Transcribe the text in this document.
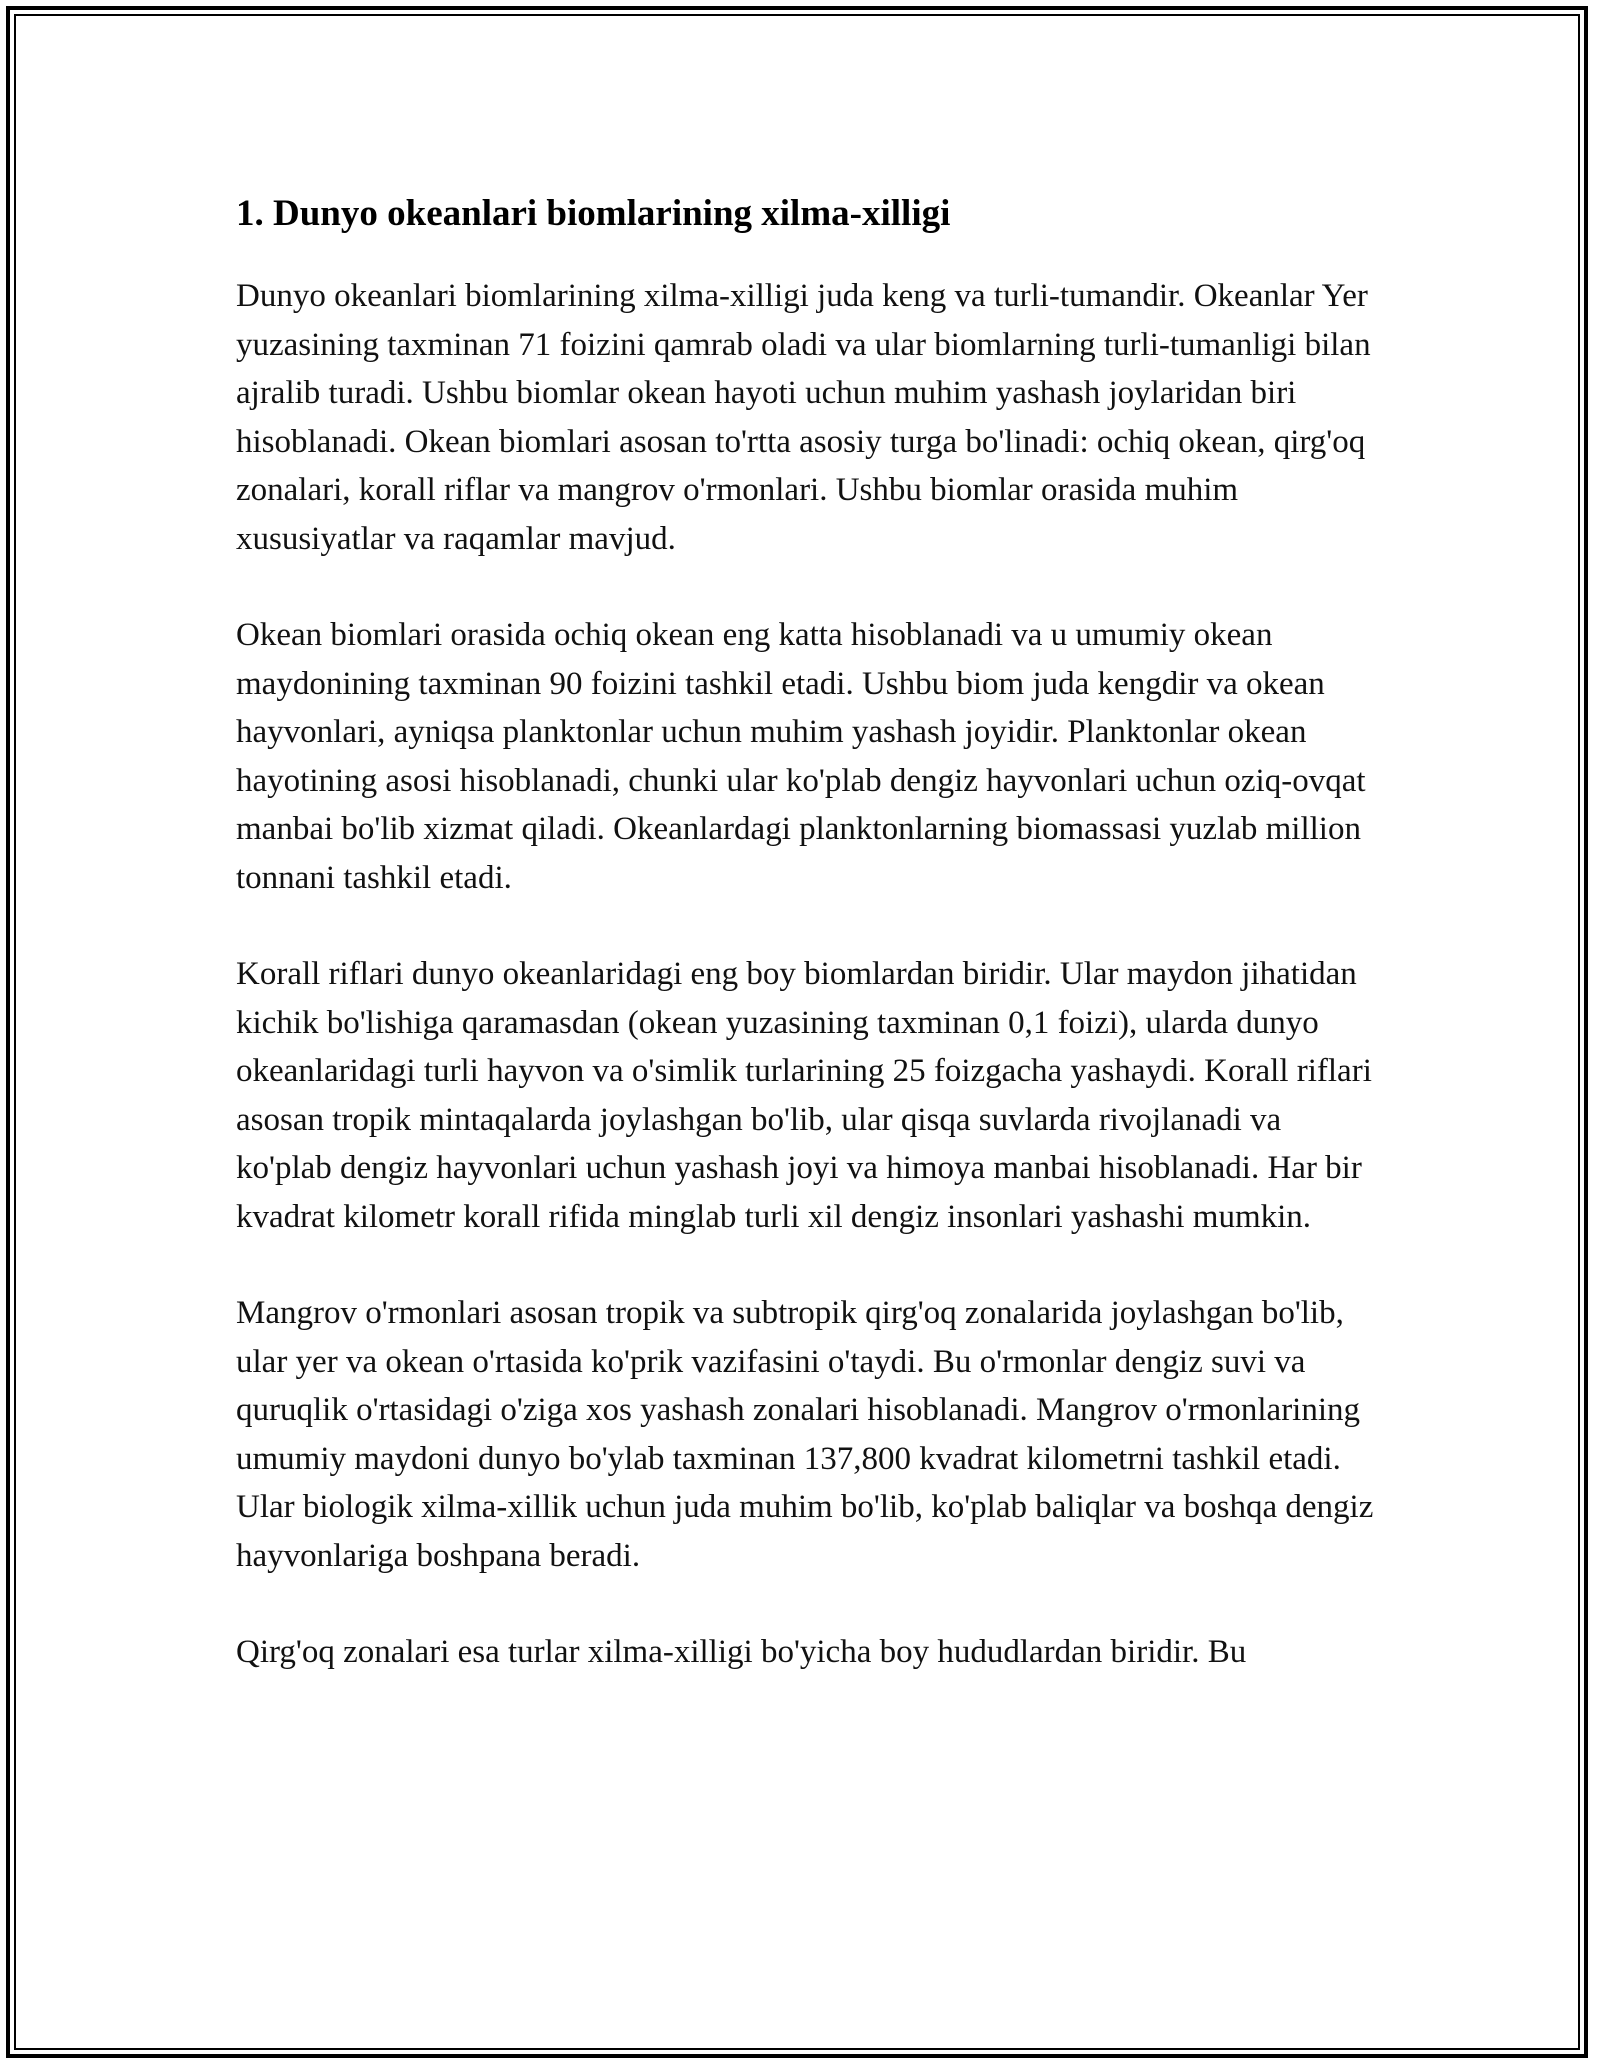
1. Dunyo okeanlari biomlarining xilma-xilligi

Dunyo okeanlari biomlarining xilma-xilligi juda keng va turli-tumandir. Okeanlar Yer yuzasining taxminan 71 foizini qamrab oladi va ular biomlarning turli-tumanligi bilan ajralib turadi. Ushbu biomlar okean hayoti uchun muhim yashash joylaridan biri hisoblanadi. Okean biomlari asosan to'rtta asosiy turga bo'linadi: ochiq okean, qirg'oq zonalari, korall riflar va mangrov o'rmonlari. Ushbu biomlar orasida muhim xususiyatlar va raqamlar mavjud.

Okean biomlari orasida ochiq okean eng katta hisoblanadi va u umumiy okean maydonining taxminan 90 foizini tashkil etadi. Ushbu biom juda kengdir va okean hayvonlari, ayniqsa planktonlar uchun muhim yashash joyidir. Planktonlar okean hayotining asosi hisoblanadi, chunki ular ko'plab dengiz hayvonlari uchun oziq-ovqat manbai bo'lib xizmat qiladi. Okeanlardagi planktonlarning biomassasi yuzlab million tonnani tashkil etadi.

Korall riflari dunyo okeanlaridagi eng boy biomlardan biridir. Ular maydon jihatidan kichik bo'lishiga qaramasdan (okean yuzasining taxminan 0,1 foizi), ularda dunyo okeanlaridagi turli hayvon va o'simlik turlarining 25 foizgacha yashaydi. Korall riflari asosan tropik mintaqalarda joylashgan bo'lib, ular qisqa suvlarda rivojlanadi va ko'plab dengiz hayvonlari uchun yashash joyi va himoya manbai hisoblanadi. Har bir kvadrat kilometr korall rifida minglab turli xil dengiz insonlari yashashi mumkin.

Mangrov o'rmonlari asosan tropik va subtropik qirg'oq zonalarida joylashgan bo'lib, ular yer va okean o'rtasida ko'prik vazifasini o'taydi. Bu o'rmonlar dengiz suvi va quruqlik o'rtasidagi o'ziga xos yashash zonalari hisoblanadi. Mangrov o'rmonlarining umumiy maydoni dunyo bo'ylab taxminan 137,800 kvadrat kilometrni tashkil etadi. Ular biologik xilma-xillik uchun juda muhim bo'lib, ko'plab baliqlar va boshqa dengiz hayvonlariga boshpana beradi.

Qirg'oq zonalari esa turlar xilma-xilligi bo'yicha boy hududlardan biridir. Bu
